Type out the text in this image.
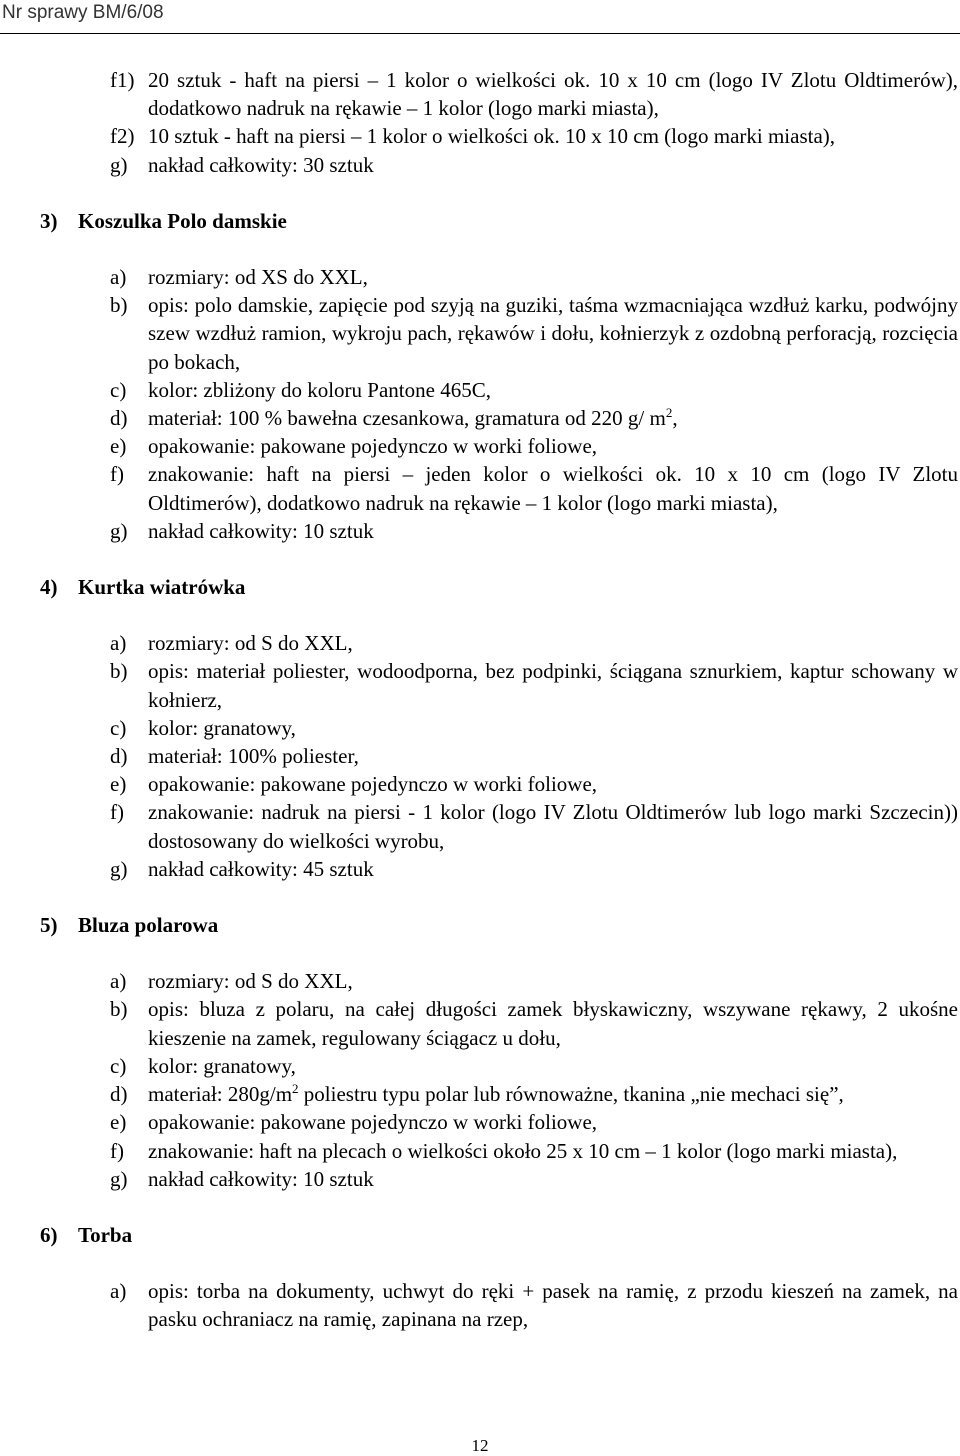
Nr sprawy BM/6/08
f1) 20 sztuk - haft na piersi – 1 kolor o wielkości ok. 10 x 10 cm (logo IV Zlotu Oldtimerów), dodatkowo nadruk na rękawie – 1 kolor (logo marki miasta),
f2) 10 sztuk - haft na piersi – 1 kolor o wielkości ok. 10 x 10 cm (logo marki miasta),
g) nakład całkowity: 30 sztuk
3) Koszulka Polo damskie
a)	rozmiary: od XS do XXL,
b) opis: polo damskie, zapięcie pod szyją na guziki, taśma wzmacniająca wzdłuż karku, podwójny szew wzdłuż ramion, wykroju pach, rękawów i dołu, kołnierzyk z ozdobną perforacją, rozcięcia po bokach,
c)	kolor: zbliżony do koloru Pantone 465C,
d) materiał: 100 % bawełna czesankowa, gramatura od 220 g/ $m^2$,
e)	opakowanie: pakowane pojedynczo w worki foliowe,
f)	znakowanie: haft na piersi – jeden kolor o wielkości ok. 10 x 10 cm (logo IV Zlotu Oldtimerów), dodatkowo nadruk na rękawie – 1 kolor (logo marki miasta),
g) nakład całkowity: 10 sztuk
4) Kurtka wiatrówka
a)	rozmiary: od S do XXL,
b) opis: materiał poliester, wodoodporna, bez podpinki, ściągana sznurkiem, kaptur schowany w kołnierz,
c)	kolor: granatowy,
d) materiał: 100% poliester,
e)	opakowanie: pakowane pojedynczo w worki foliowe,
f)	znakowanie: nadruk na piersi - 1 kolor (logo IV Zlotu Oldtimerów lub logo marki Szczecin)) dostosowany do wielkości wyrobu,
g) nakład całkowity: 45 sztuk
5) Bluza polarowa
a)	rozmiary: od S do XXL,
b) opis: bluza z polaru, na całej długości zamek błyskawiczny, wszywane rękawy, 2 ukośne kieszenie na zamek, regulowany ściągacz u dołu,
c)	kolor: granatowy,
d) materiał: $280g/m^2$ poliestru typu polar lub równoważne, tkanina „nie mechaci się”,
e)	opakowanie: pakowane pojedynczo w worki foliowe,
f)	znakowanie: haft na plecach o wielkości około 25 x 10 cm – 1 kolor (logo marki miasta),
g) nakład całkowity: 10 sztuk
6) Torba
a)	opis: torba na dokumenty, uchwyt do ręki + pasek na ramię, z przodu kieszeń na zamek, na pasku ochraniacz na ramię, zapinana na rzep,
12
